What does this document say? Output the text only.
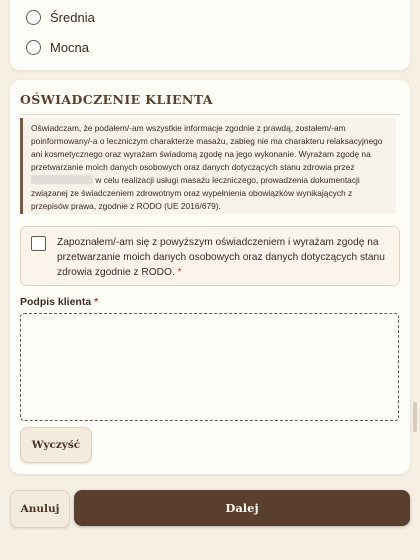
Średnia
Mocna
OŚWIADCZENIE KLIENTA
Oświadczam, że podałem/-am wszystkie informacje zgodnie z prawdą, zostałem/-am poinformowany/-a o leczniczym charakterze masażu, zabieg nie ma charakteru relaksacyjnego ani kosmetycznego oraz wyrażam świadomą zgodę na jego wykonanie. Wyrażam zgodę na przetwarzanie moich danych osobowych oraz danych dotyczących stanu zdrowia przez  w celu realizacji usługi masażu leczniczego, prowadzenia dokumentacji związanej ze świadczeniem zdrowotnym oraz wypełnienia obowiązków wynikających z przepisów prawa, zgodnie z RODO (UE 2016/679).
Zapoznałem/-am się z powyższym oświadczeniem i wyrażam zgodę na przetwarzanie moich danych osobowych oraz danych dotyczących stanu zdrowia zgodnie z RODO. *
Podpis klienta *
Wyczyść
Anuluj	Dalej
